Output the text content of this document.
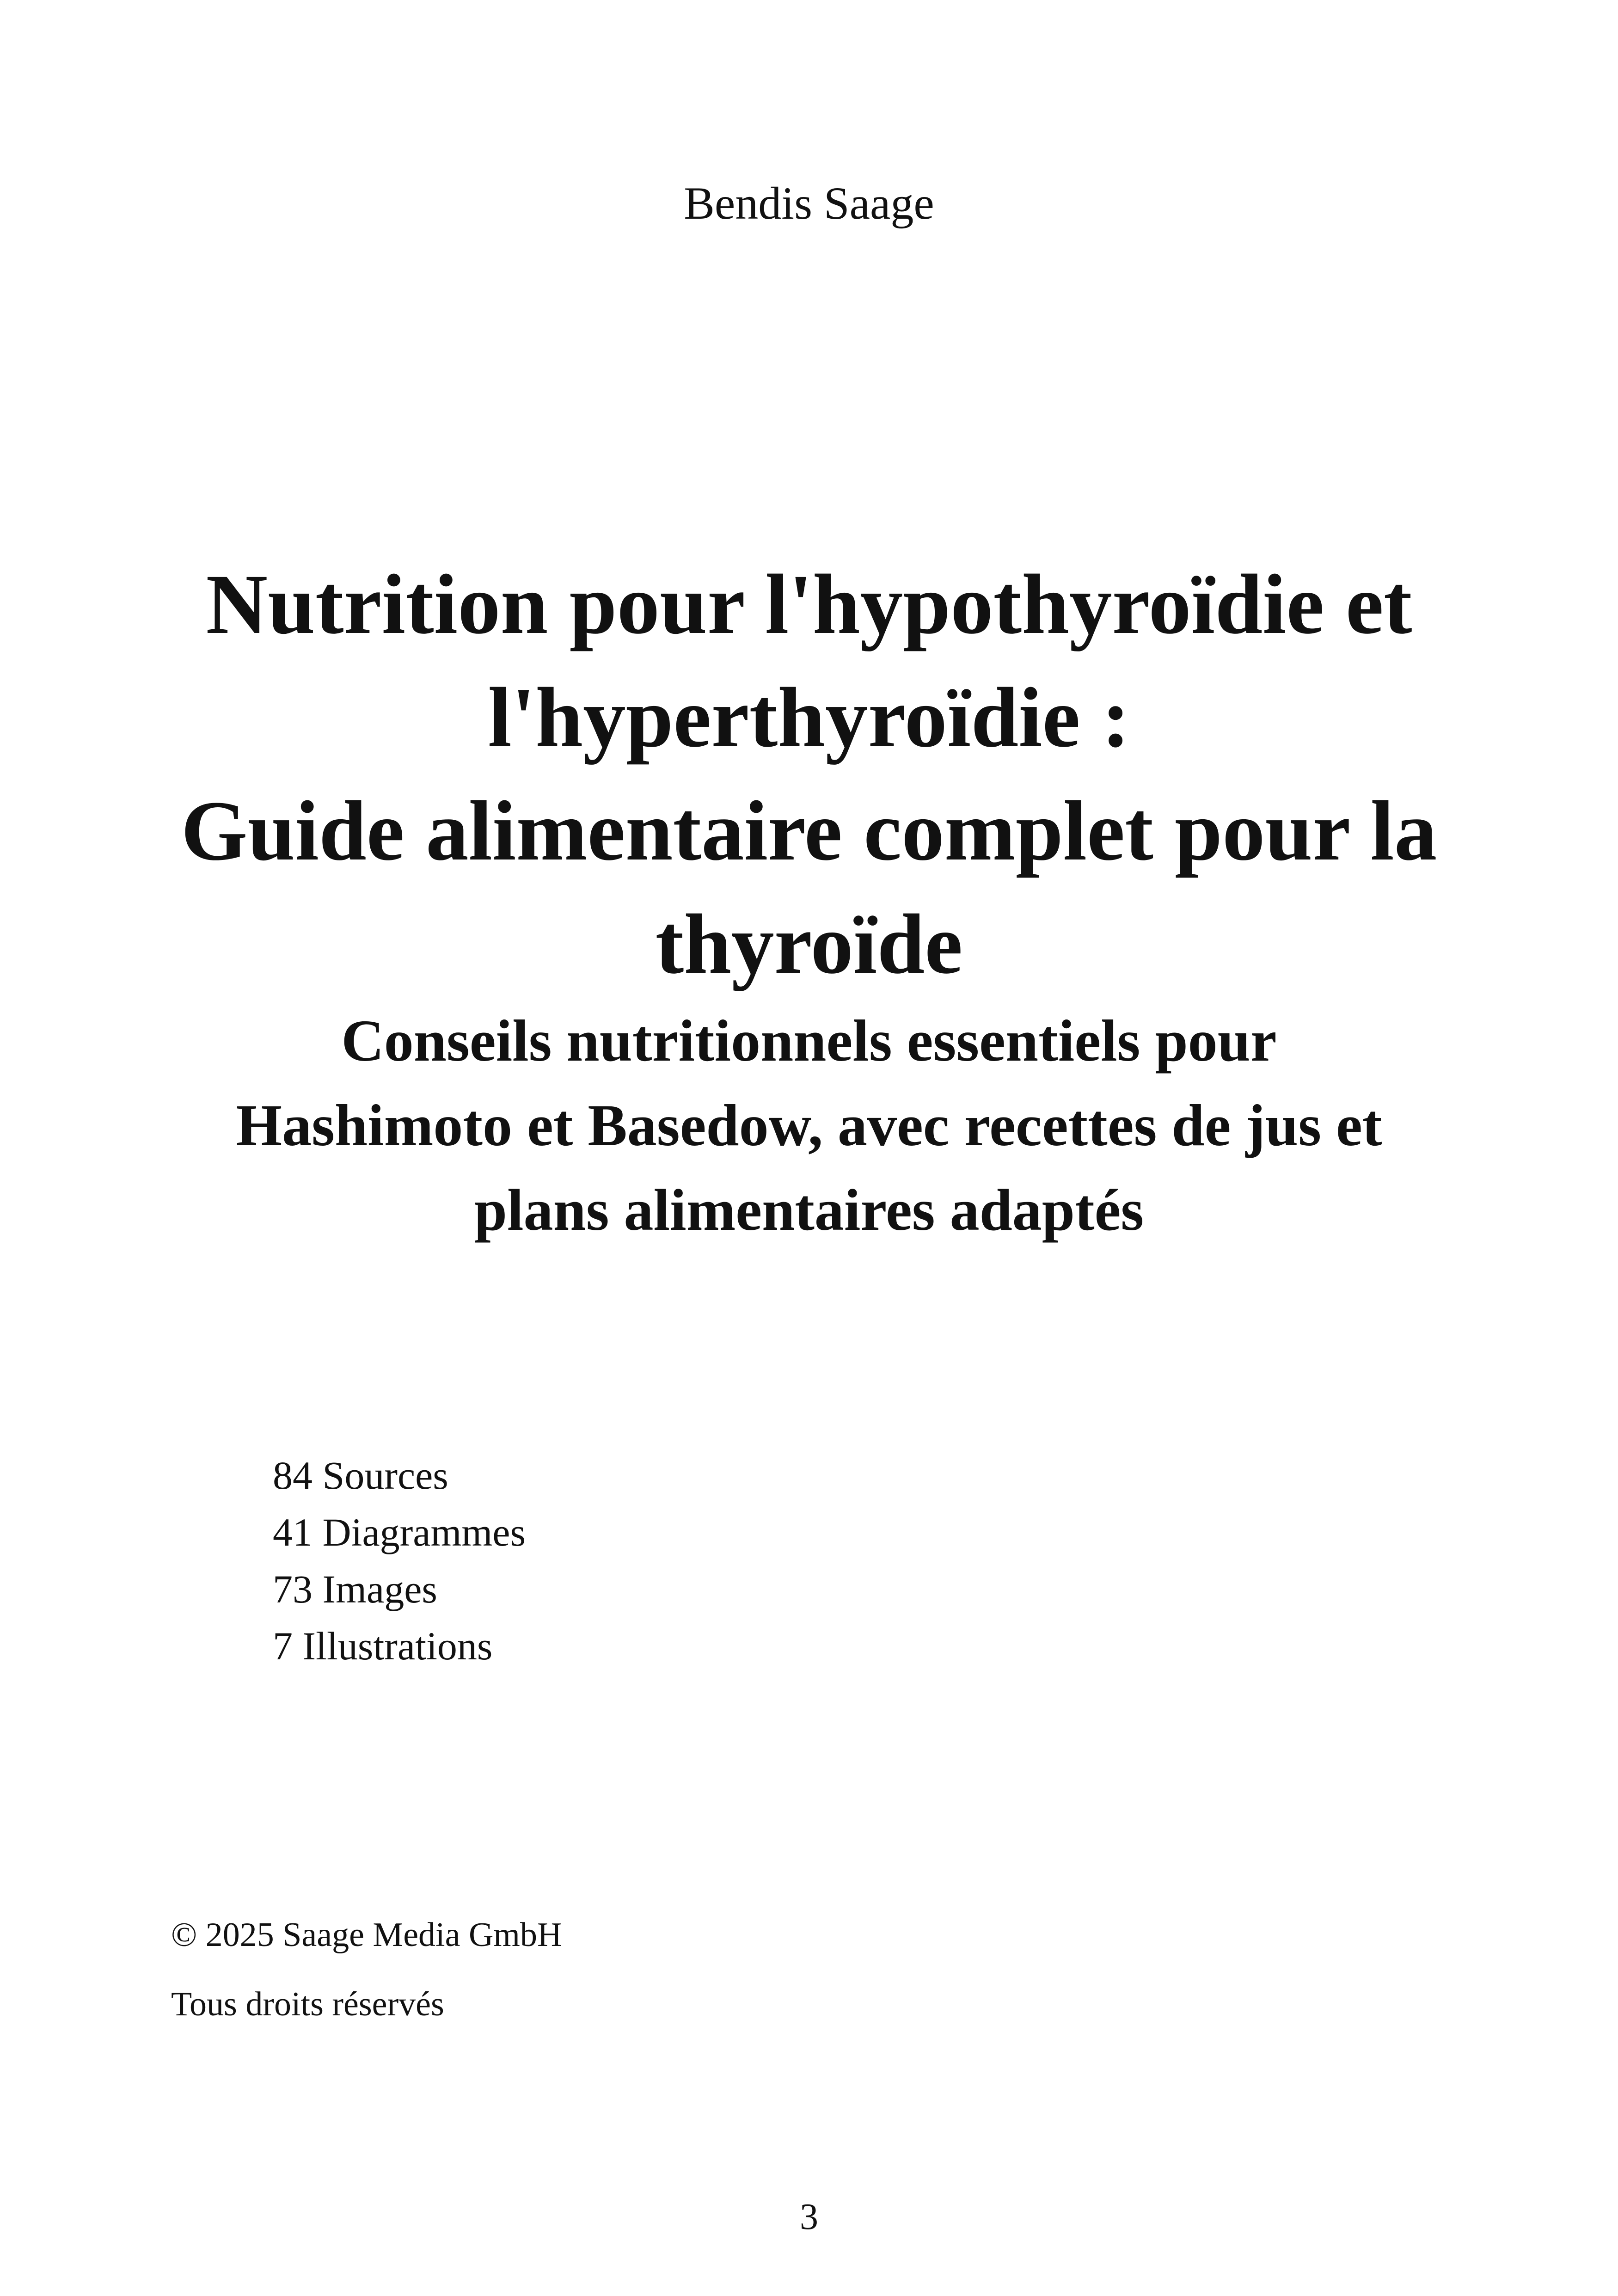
Bendis Saage
Nutrition pour l'hypothyroïdie et
l'hyperthyroïdie :
Guide alimentaire complet pour la
thyroïde
Conseils nutritionnels essentiels pour
Hashimoto et Basedow, avec recettes de jus et
plans alimentaires adaptés
84 Sources
41 Diagrammes
73 Images
7 Illustrations
© 2025 Saage Media GmbH
Tous droits réservés
3
